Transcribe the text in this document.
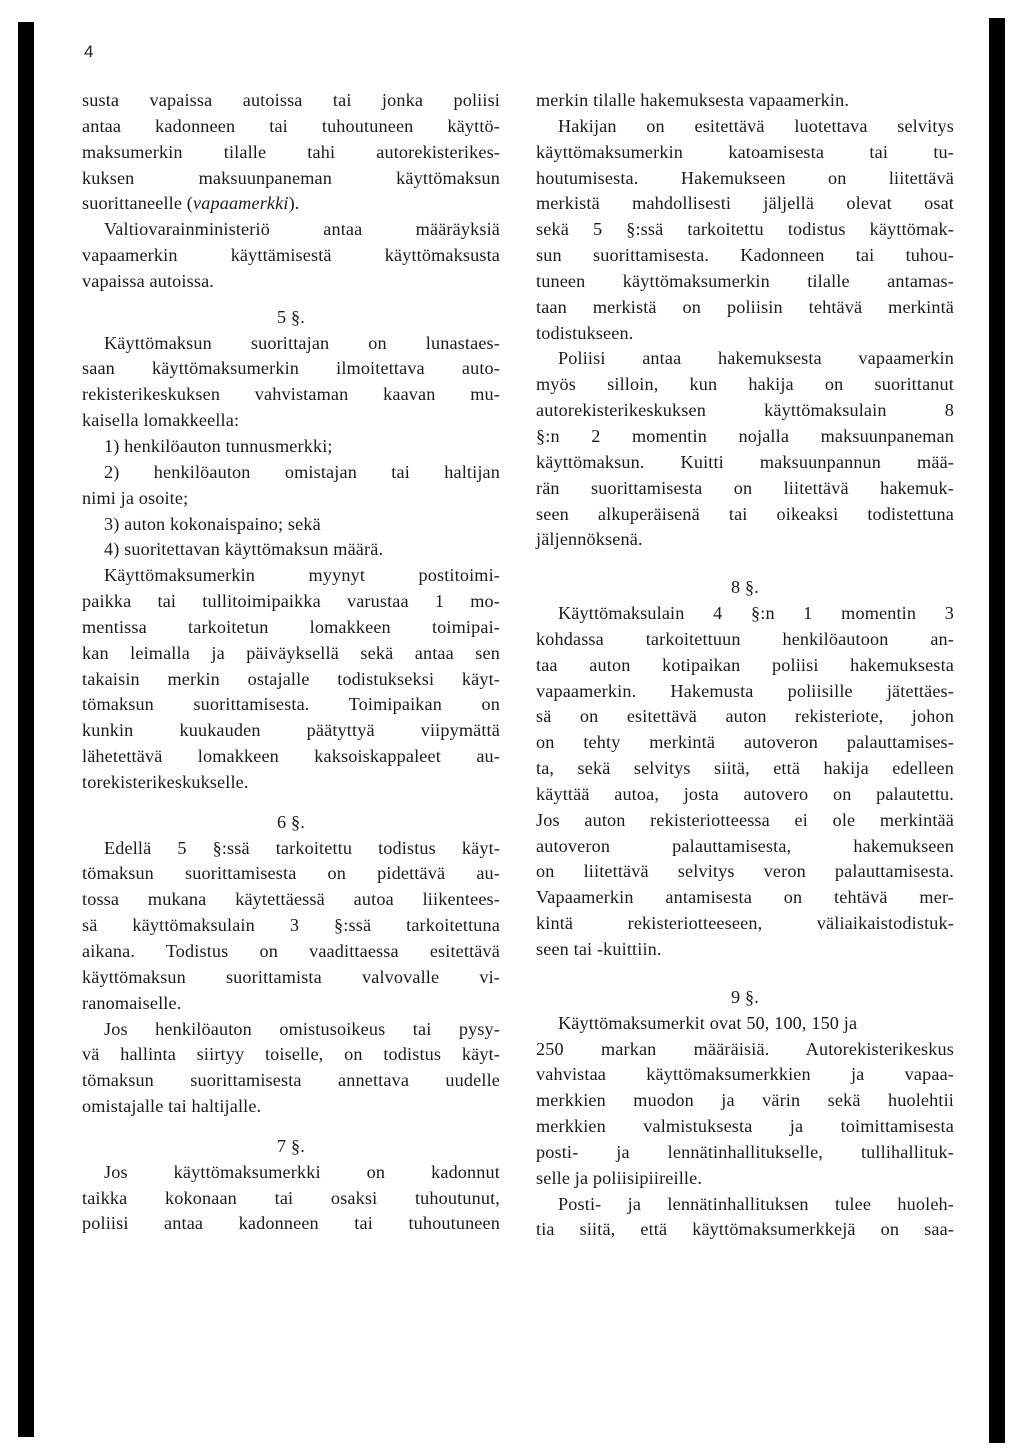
4
susta vapaissa autoissa tai jonka poliisi
antaa kadonneen tai tuhoutuneen käyttö-
maksumerkin tilalle tahi autorekisterikes-
kuksen maksuunpaneman käyttömaksun
suorittaneelle (vapaamerkki).
Valtiovarainministeriö antaa määräyksiä
vapaamerkin käyttämisestä käyttömaksusta
vapaissa autoissa.
5 §.
Käyttömaksun suorittajan on lunastaes-
saan käyttömaksumerkin ilmoitettava auto-
rekisterikeskuksen vahvistaman kaavan mu-
kaisella lomakkeella:
1) henkilöauton tunnusmerkki;
2) henkilöauton omistajan tai haltijan
nimi ja osoite;
3) auton kokonaispaino; sekä
4) suoritettavan käyttömaksun määrä.
Käyttömaksumerkin myynyt postitoimi-
paikka tai tullitoimipaikka varustaa 1 mo-
mentissa tarkoitetun lomakkeen toimipai-
kan leimalla ja päiväyksellä sekä antaa sen
takaisin merkin ostajalle todistukseksi käyt-
tömaksun suorittamisesta. Toimipaikan on
kunkin kuukauden päätyttyä viipymättä
lähetettävä lomakkeen kaksoiskappaleet au-
torekisterikeskukselle.
6 §.
Edellä 5 §:ssä tarkoitettu todistus käyt-
tömaksun suorittamisesta on pidettävä au-
tossa mukana käytettäessä autoa liikentees-
sä käyttömaksulain 3 §:ssä tarkoitettuna
aikana. Todistus on vaadittaessa esitettävä
käyttömaksun suorittamista valvovalle vi-
ranomaiselle.
Jos henkilöauton omistusoikeus tai pysy-
vä hallinta siirtyy toiselle, on todistus käyt-
tömaksun suorittamisesta annettava uudelle
omistajalle tai haltijalle.
7 §.
Jos käyttömaksumerkki on kadonnut
taikka kokonaan tai osaksi tuhoutunut,
poliisi antaa kadonneen tai tuhoutuneen
merkin tilalle hakemuksesta vapaamerkin.
Hakijan on esitettävä luotettava selvitys
käyttömaksumerkin katoamisesta tai tu-
houtumisesta. Hakemukseen on liitettävä
merkistä mahdollisesti jäljellä olevat osat
sekä 5 §:ssä tarkoitettu todistus käyttömak-
sun suorittamisesta. Kadonneen tai tuhou-
tuneen käyttömaksumerkin tilalle antamas-
taan merkistä on poliisin tehtävä merkintä
todistukseen.
Poliisi antaa hakemuksesta vapaamerkin
myös silloin, kun hakija on suorittanut
autorekisterikeskuksen käyttömaksulain 8
§:n 2 momentin nojalla maksuunpaneman
käyttömaksun. Kuitti maksuunpannun mää-
rän suorittamisesta on liitettävä hakemuk-
seen alkuperäisenä tai oikeaksi todistettuna
jäljennöksenä.
8 §.
Käyttömaksulain 4 §:n 1 momentin 3
kohdassa tarkoitettuun henkilöautoon an-
taa auton kotipaikan poliisi hakemuksesta
vapaamerkin. Hakemusta poliisille jätettäes-
sä on esitettävä auton rekisteriote, johon
on tehty merkintä autoveron palauttamises-
ta, sekä selvitys siitä, että hakija edelleen
käyttää autoa, josta autovero on palautettu.
Jos auton rekisteriotteessa ei ole merkintää
autoveron palauttamisesta, hakemukseen
on liitettävä selvitys veron palauttamisesta.
Vapaamerkin antamisesta on tehtävä mer-
kintä rekisteriotteeseen, väliaikaistodistuk-
seen tai -kuittiin.
9 §.
Käyttömaksumerkit ovat 50, 100, 150 ja
250 markan määräisiä. Autorekisterikeskus
vahvistaa käyttömaksumerkkien ja vapaa-
merkkien muodon ja värin sekä huolehtii
merkkien valmistuksesta ja toimittamisesta
posti- ja lennätinhallitukselle, tullihallituk-
selle ja poliisipiireille.
Posti- ja lennätinhallituksen tulee huoleh-
tia siitä, että käyttömaksumerkkejä on saa-
